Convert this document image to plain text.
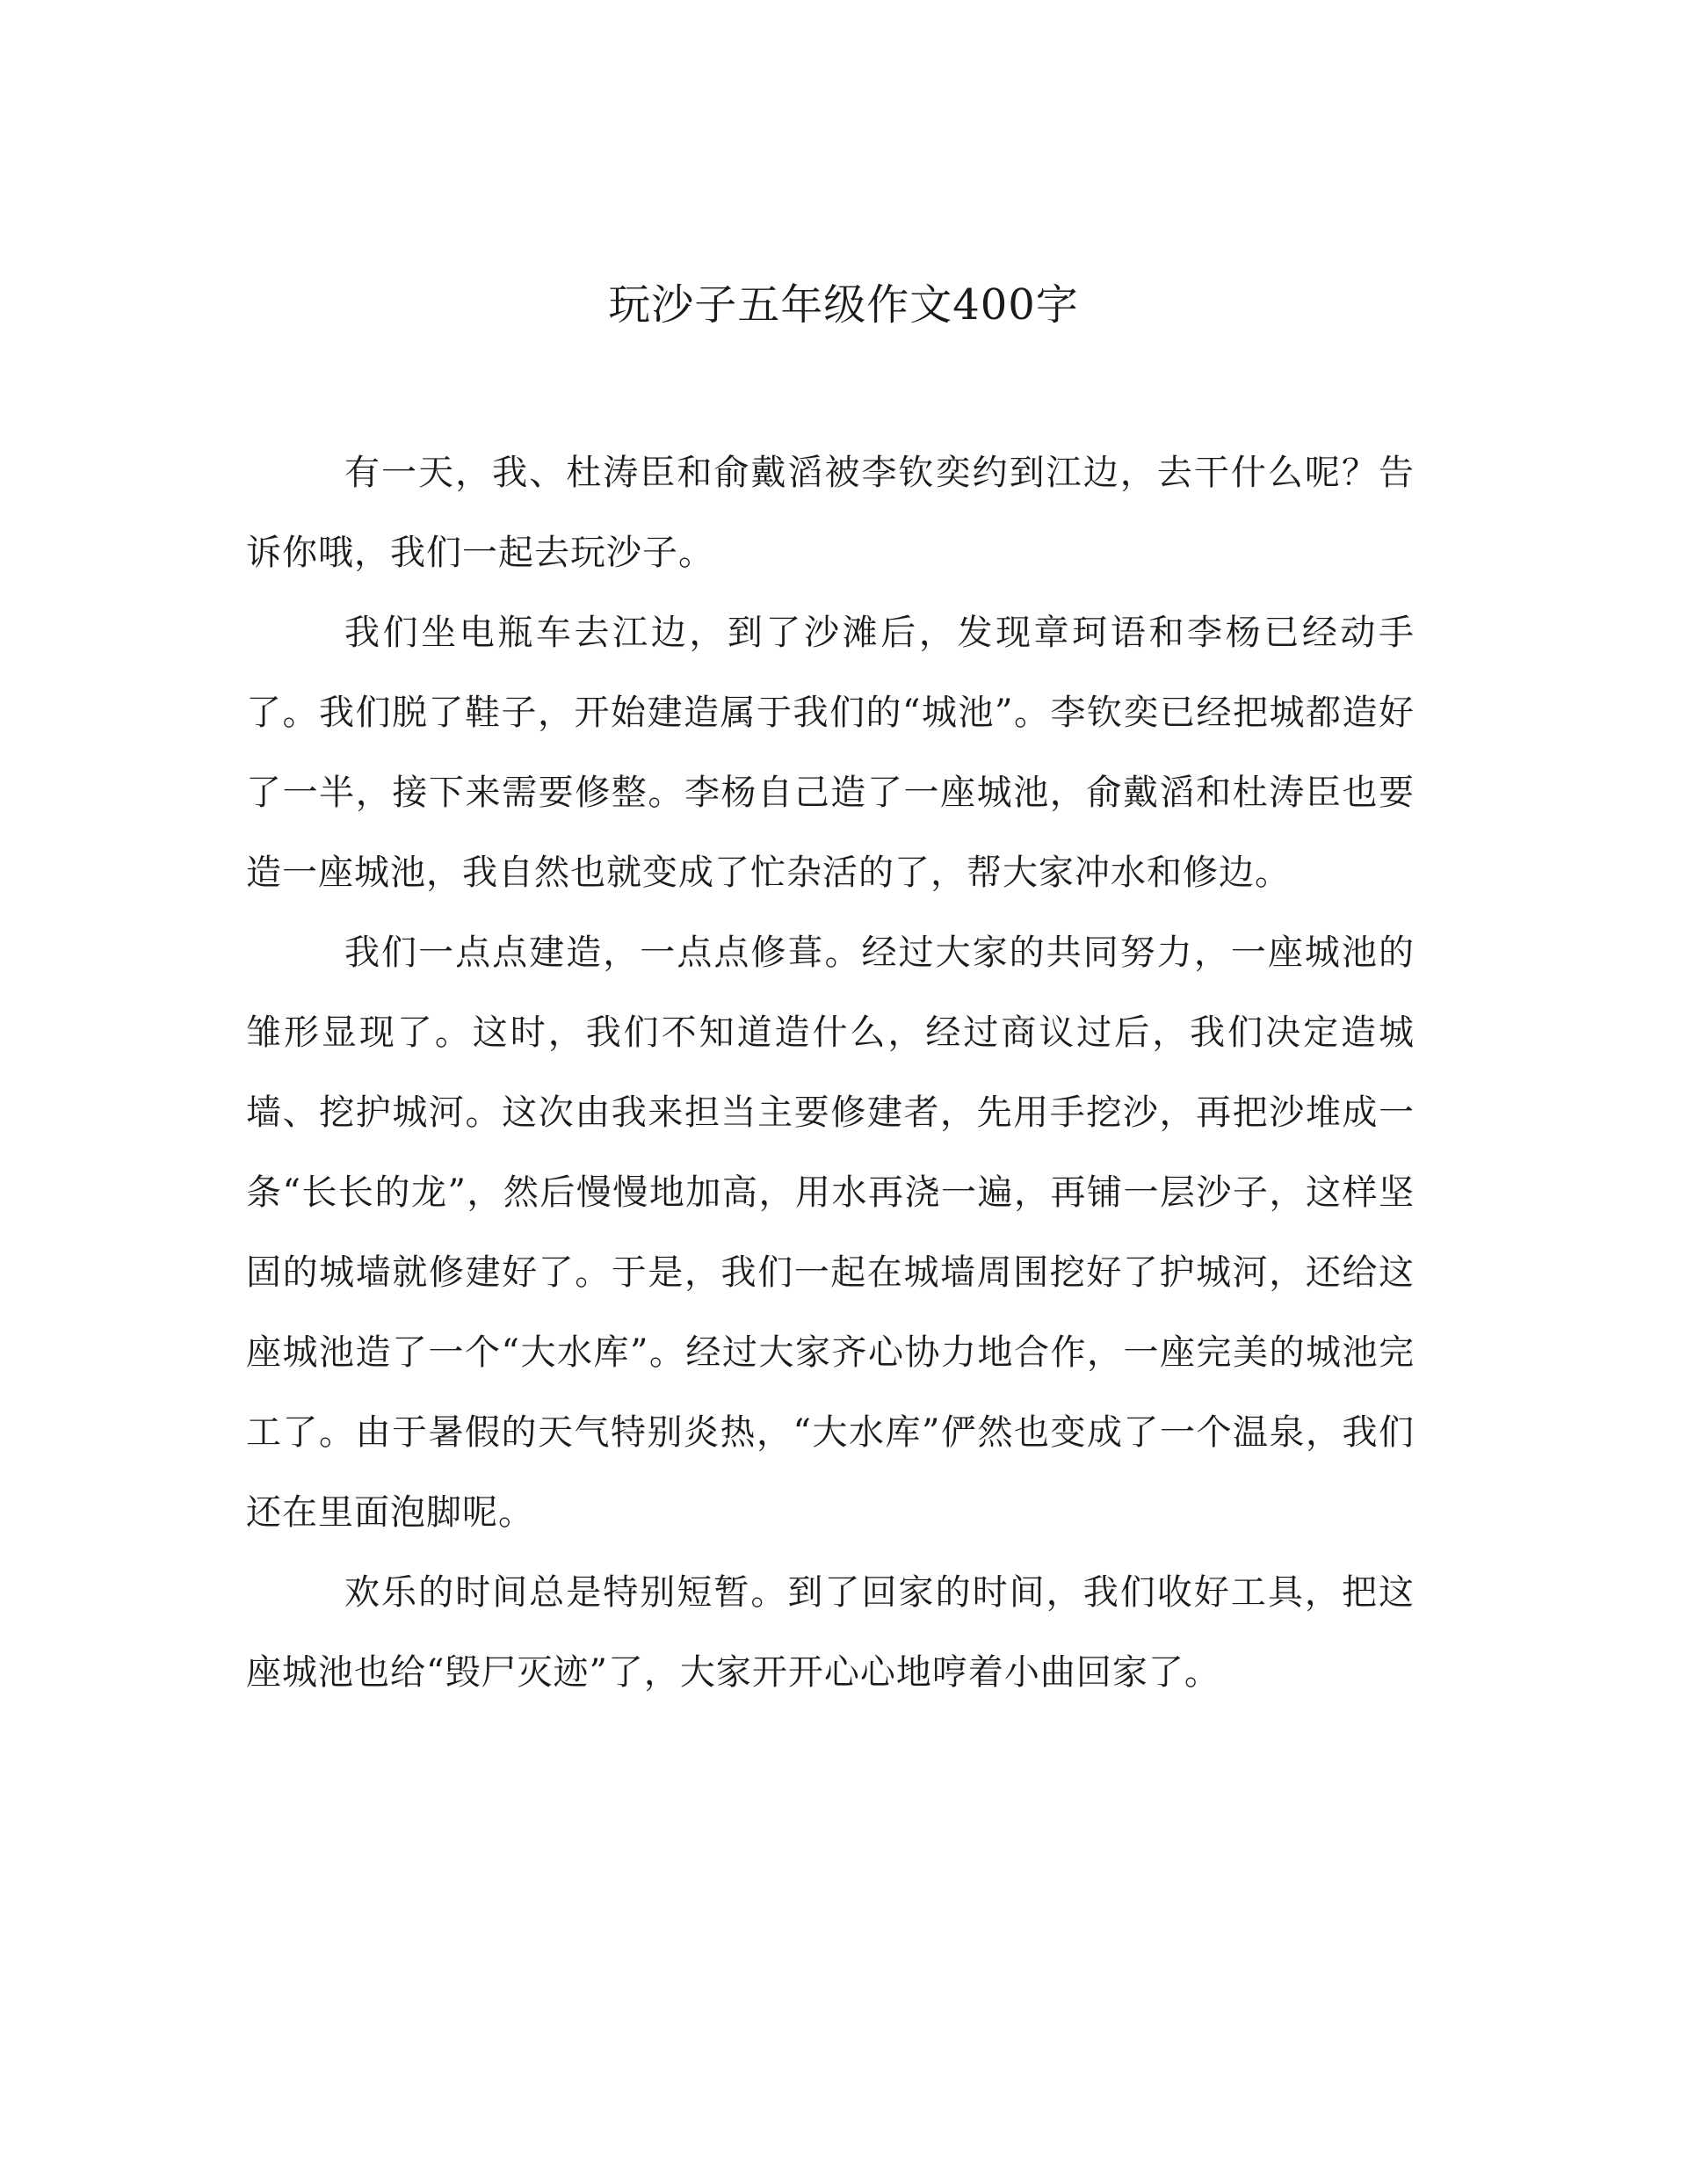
玩沙子五年级作文400字

有一天，我、杜涛臣和俞戴滔被李钦奕约到江边，去干什么呢？告诉你哦，我们一起去玩沙子。

我们坐电瓶车去江边，到了沙滩后，发现章珂语和李杨已经动手了。我们脱了鞋子，开始建造属于我们的“城池”。李钦奕已经把城都造好了一半，接下来需要修整。李杨自己造了一座城池，俞戴滔和杜涛臣也要造一座城池，我自然也就变成了忙杂活的了，帮大家冲水和修边。

我们一点点建造，一点点修葺。经过大家的共同努力，一座城池的雏形显现了。这时，我们不知道造什么，经过商议过后，我们决定造城墙、挖护城河。这次由我来担当主要修建者，先用手挖沙，再把沙堆成一条“长长的龙”，然后慢慢地加高，用水再浇一遍，再铺一层沙子，这样坚固的城墙就修建好了。于是，我们一起在城墙周围挖好了护城河，还给这座城池造了一个“大水库”。经过大家齐心协力地合作，一座完美的城池完工了。由于暑假的天气特别炎热，“大水库”俨然也变成了一个温泉，我们还在里面泡脚呢。

欢乐的时间总是特别短暂。到了回家的时间，我们收好工具，把这座城池也给“毁尸灭迹”了，大家开开心心地哼着小曲回家了。
